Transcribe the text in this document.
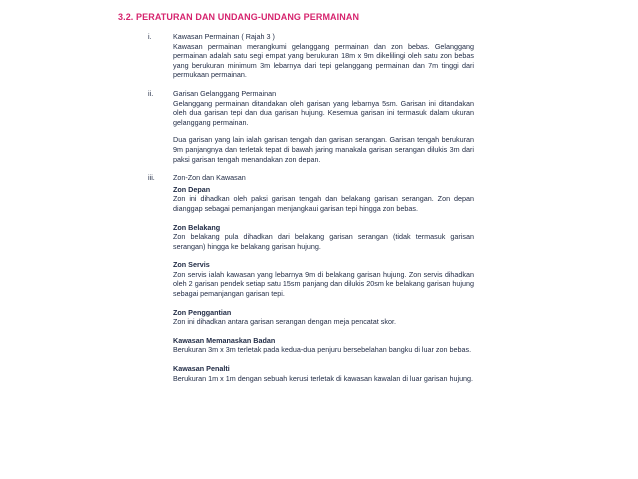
3.2. PERATURAN DAN UNDANG-UNDANG PERMAINAN
i.	Kawasan Permainan ( Rajah 3 )
Kawasan permainan merangkumi gelanggang permainan dan zon bebas. Gelanggang permainan adalah satu segi empat yang berukuran 18m x 9m dikelilingi oleh satu zon bebas yang berukuran minimum 3m lebarnya dari tepi gelanggang permainan dan 7m tinggi dari permukaan permainan.
ii.	Garisan Gelanggang Permainan
Gelanggang permainan ditandakan oleh garisan yang lebarnya 5sm. Garisan ini ditandakan oleh dua garisan tepi dan dua garisan hujung. Kesemua garisan ini termasuk dalam ukuran gelanggang permainan.
Dua garisan yang lain ialah garisan tengah dan garisan serangan. Garisan tengah berukuran 9m panjangnya dan terletak tepat di bawah jaring manakala garisan serangan dilukis 3m dari paksi garisan tengah menandakan zon depan.
iii.	Zon-Zon dan Kawasan
Zon Depan
Zon ini dihadkan oleh paksi garisan tengah dan belakang garisan serangan. Zon depan dianggap sebagai pemanjangan menjangkaui garisan tepi hingga zon bebas.
Zon Belakang
Zon belakang pula dihadkan dari belakang garisan serangan (tidak termasuk garisan serangan) hingga ke belakang garisan hujung.
Zon Servis
Zon servis ialah kawasan yang lebarnya 9m di belakang garisan hujung. Zon servis dihadkan oleh 2 garisan pendek setiap satu 15sm panjang dan dilukis 20sm ke belakang garisan hujung sebagai pemanjangan garisan tepi.
Zon Penggantian
Zon ini dihadkan antara garisan serangan dengan meja pencatat skor.
Kawasan Memanaskan Badan
Berukuran 3m x 3m terletak pada kedua-dua penjuru bersebelahan bangku di luar zon bebas.
Kawasan Penalti
Berukuran 1m x 1m dengan sebuah kerusi terletak di kawasan kawalan di luar garisan hujung.
